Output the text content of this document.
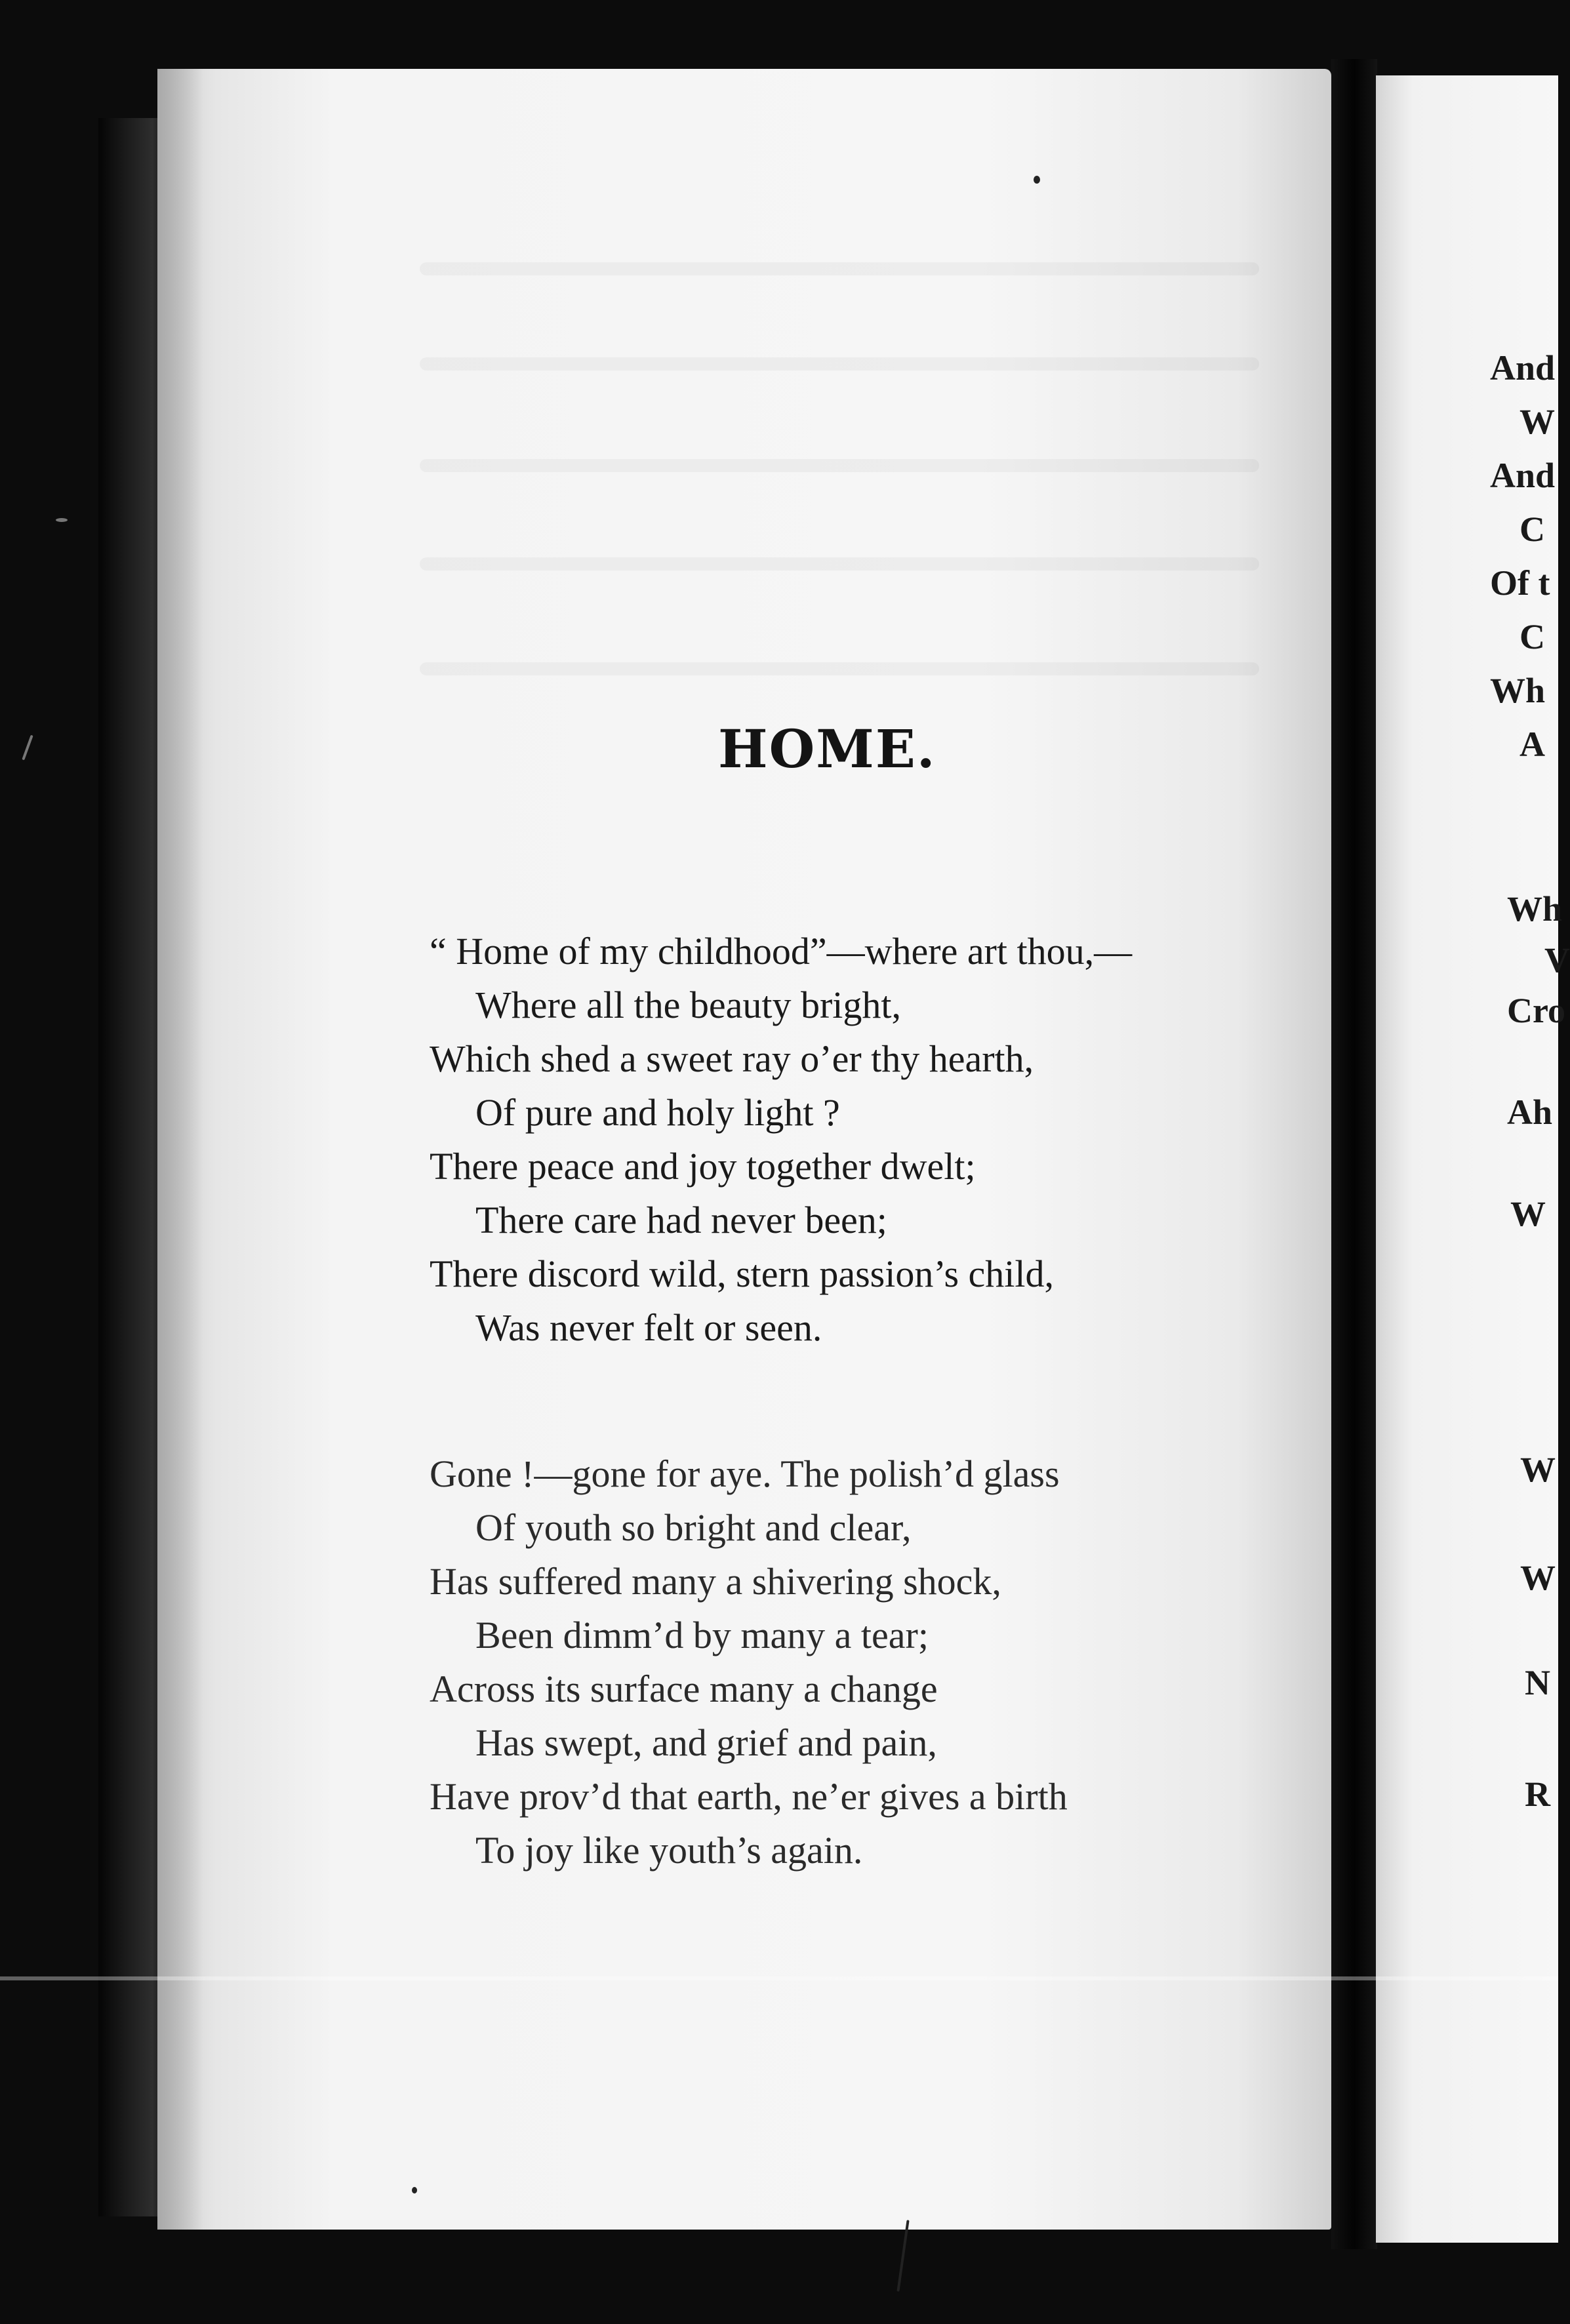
HOME.
“ Home of my childhood”—where art thou,—
Where all the beauty bright,
Which shed a sweet ray o’er thy hearth,
Of pure and holy light ?
There peace and joy together dwelt;
There care had never been;
There discord wild, stern passion’s child,
Was never felt or seen.
Gone !—gone for aye. The polish’d glass
Of youth so bright and clear,
Has suffered many a shivering shock,
Been dimm’d by many a tear;
Across its surface many a change
Has swept, and grief and pain,
Have prov’d that earth, ne’er gives a birth
To joy like youth’s again.
And
W
And
C
Of t
C
Wh
A
Wh
V
Cro
Ah
W
W
W
N
R
